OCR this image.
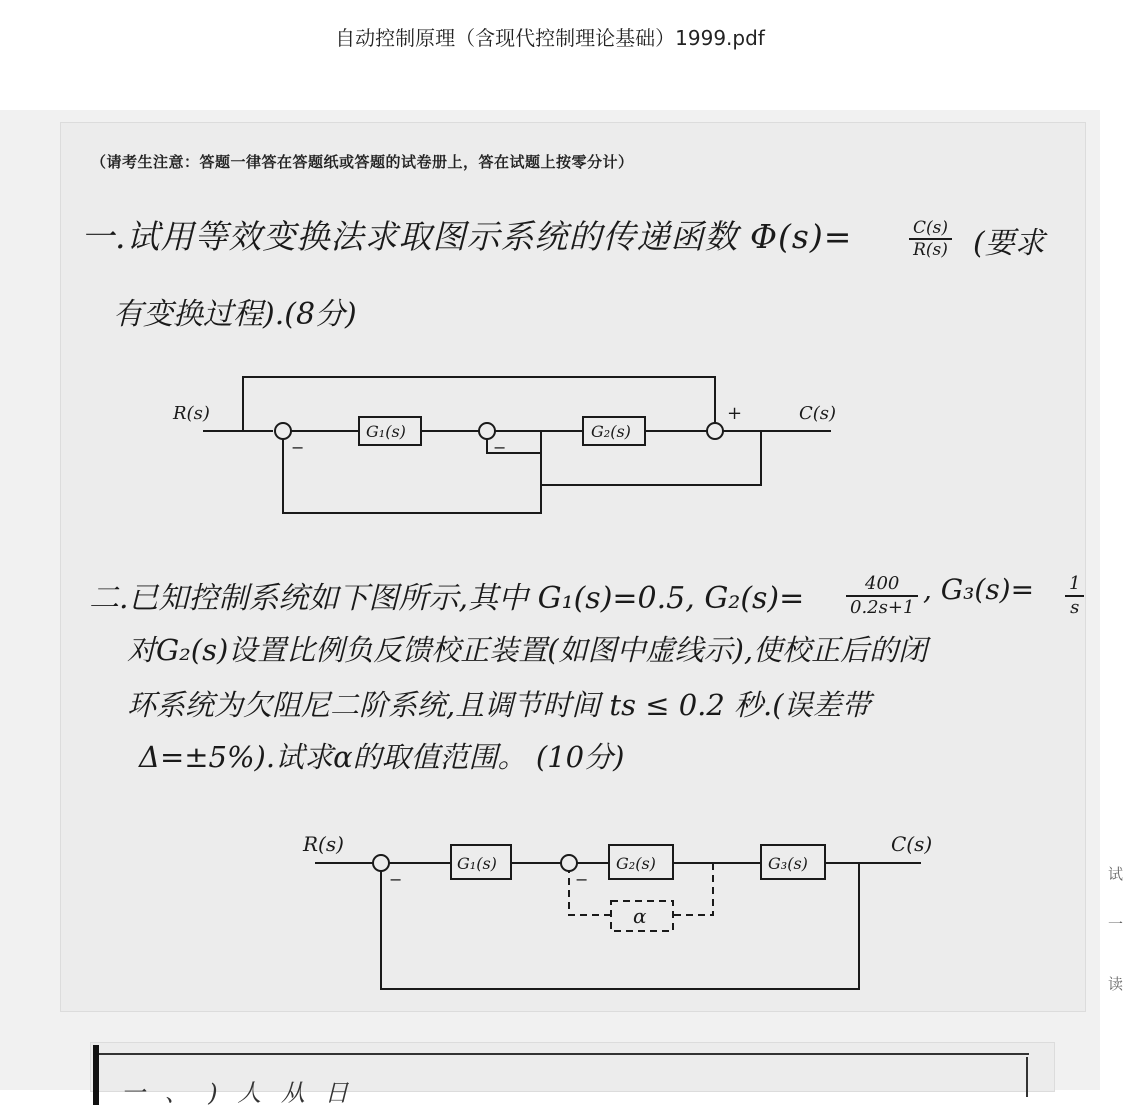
自动控制原理（含现代控制理论基础）1999.pdf
（请考生注意：答题一律答在答题纸或答题的试卷册上，答在试题上按零分计）
一.试用等效变换法求取图示系统的传递函数 Φ(s)=	$\frac{C(s)}{R(s)}$ (要求
有变换过程).(8分)
R(s)
G₁(s)	G₂(s)
C(s)
+
−
−
R(s)
G₁(s)	G₂(s)	G₃(s)
C(s)
α
−
−
二.已知控制系统如下图所示,其中 G₁(s)=0.5, $G_2(s)= \frac{400}{0.2s+1}$ , $G_3(s)= \frac{1}{s}$
对G₂(s)设置比例负反馈校正装置(如图中虚线示),使校正后的闭
环系统为欠阻尼二阶系统,且调节时间 ts ≤ 0.2 秒.(误差带
Δ=±5%).试求α的取值范围。 (10分)
试
一
读
一 、 ) 人 从 日
